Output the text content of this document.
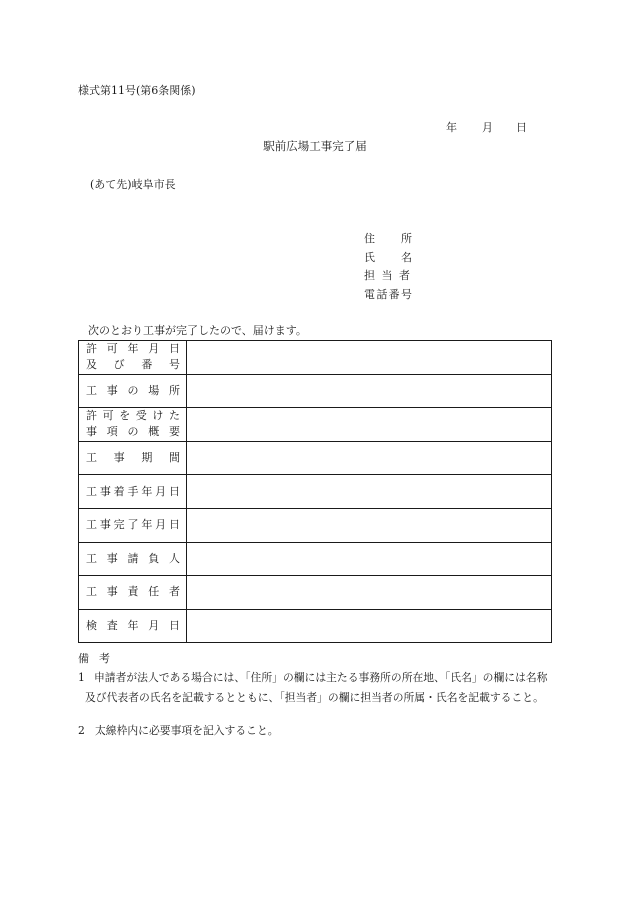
様式第11号(第6条関係)
年 月 日
駅前広場工事完了届
(あて先)岐阜市長
住所
氏名
担当者
電話番号
次のとおり工事が完了したので、届けます。
許可年月日
及び番号	

工事の場所	

許可を受けた
事項の概要	

工事期間	

工事着手年月日	

工事完了年月日	

工事請負人	

工事責任者	

検査年月日	

備考
1 申請者が法人である場合には、「住所」の欄には主たる事務所の所在地、「氏名」の欄には名称及び代表者の氏名を記載するとともに、「担当者」の欄に担当者の所属・氏名を記載すること。
2 太線枠内に必要事項を記入すること。
